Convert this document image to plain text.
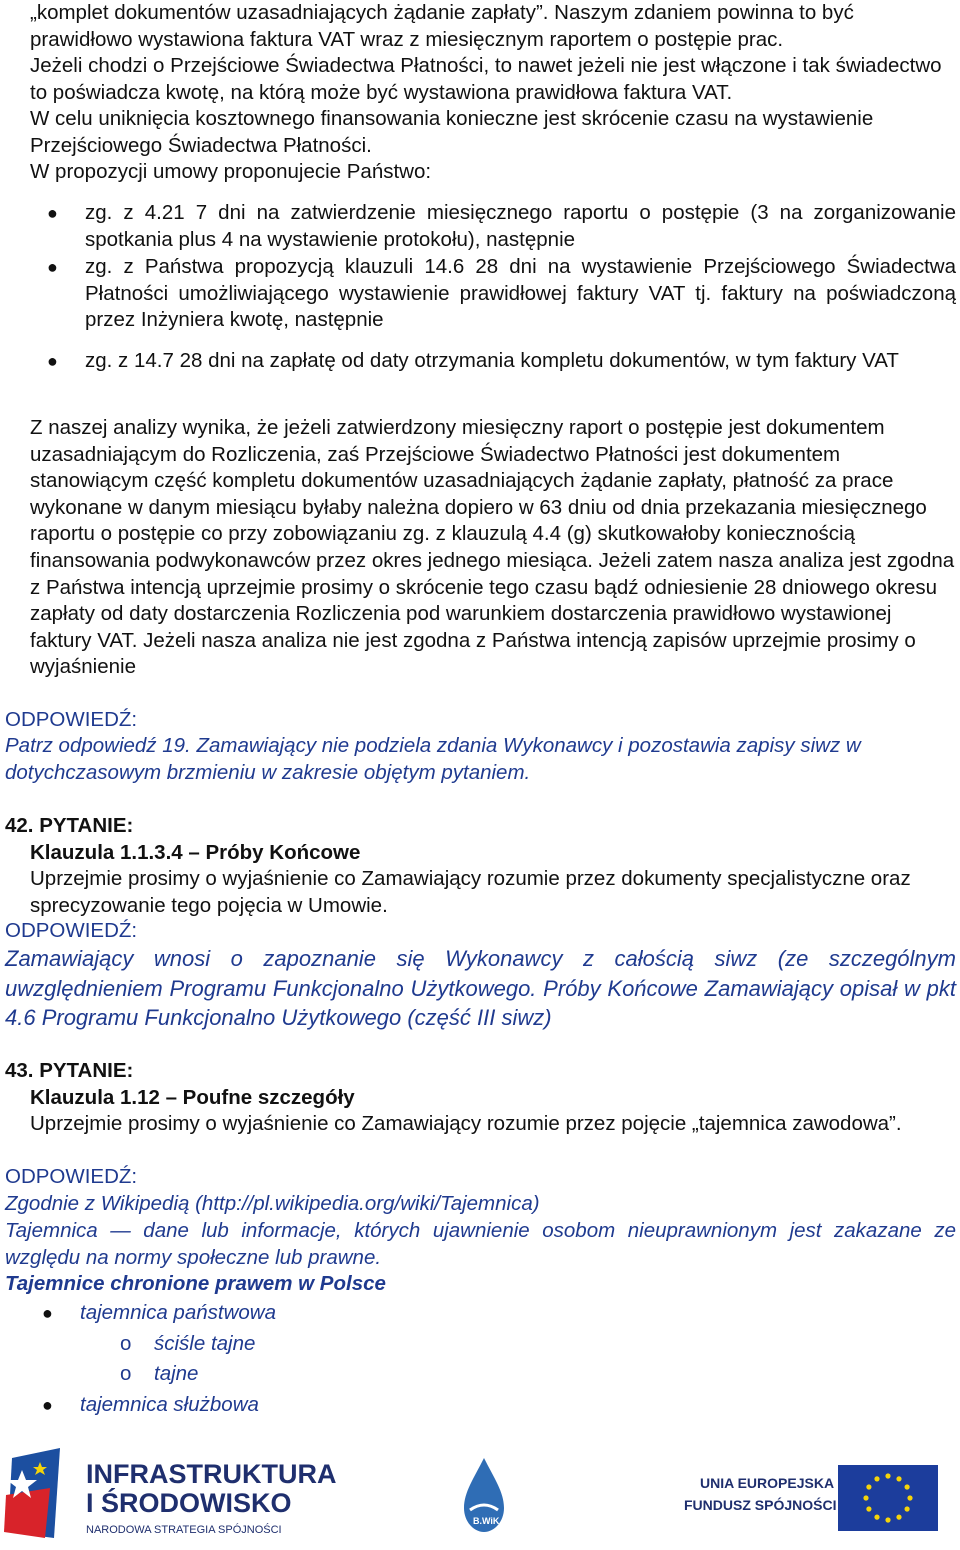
„komplet dokumentów uzasadniających żądanie zapłaty”. Naszym zdaniem powinna to być prawidłowo wystawiona faktura VAT wraz z miesięcznym raportem o postępie prac.

Jeżeli chodzi o Przejściowe Świadectwa Płatności, to nawet jeżeli nie jest włączone i tak świadectwo to poświadcza kwotę, na którą może być wystawiona prawidłowa faktura VAT.

W celu uniknięcia kosztownego finansowania konieczne jest skrócenie czasu na wystawienie Przejściowego Świadectwa Płatności.

W propozycji umowy proponujecie Państwo:

● zg. z 4.21 7 dni na zatwierdzenie miesięcznego raportu o postępie (3 na zorganizowanie spotkania plus 4 na wystawienie protokołu), następnie
● zg. z Państwa propozycją klauzuli 14.6 28 dni na wystawienie Przejściowego Świadectwa Płatności umożliwiającego wystawienie prawidłowej faktury VAT tj. faktury na poświadczoną przez Inżyniera kwotę, następnie
● zg. z 14.7 28 dni na zapłatę od daty otrzymania kompletu dokumentów, w tym faktury VAT

Z naszej analizy wynika, że jeżeli zatwierdzony miesięczny raport o postępie jest dokumentem uzasadniającym do Rozliczenia, zaś Przejściowe Świadectwo Płatności jest dokumentem stanowiącym część kompletu dokumentów uzasadniających żądanie zapłaty, płatność za prace wykonane w danym miesiącu byłaby należna dopiero w 63 dniu od dnia przekazania miesięcznego raportu o postępie co przy zobowiązaniu zg. z klauzulą 4.4 (g) skutkowałoby koniecznością finansowania podwykonawców przez okres jednego miesiąca. Jeżeli zatem nasza analiza jest zgodna z Państwa intencją uprzejmie prosimy o skrócenie tego czasu bądź odniesienie 28 dniowego okresu zapłaty od daty dostarczenia Rozliczenia pod warunkiem dostarczenia prawidłowo wystawionej faktury VAT. Jeżeli nasza analiza nie jest zgodna z Państwa intencją zapisów uprzejmie prosimy o wyjaśnienie

ODPOWIEDŹ:

Patrz odpowiedź 19. Zamawiający nie podziela zdania Wykonawcy i pozostawia zapisy siwz w dotychczasowym brzmieniu w zakresie objętym pytaniem.

42. PYTANIE:

Klauzula 1.1.3.4 – Próby Końcowe

Uprzejmie prosimy o wyjaśnienie co Zamawiający rozumie przez dokumenty specjalistyczne oraz sprecyzowanie tego pojęcia w Umowie.

ODPOWIEDŹ:

Zamawiający wnosi o zapoznanie się Wykonawcy z całością siwz (ze szczególnym uwzględnieniem Programu Funkcjonalno Użytkowego. Próby Końcowe Zamawiający opisał w pkt 4.6 Programu Funkcjonalno Użytkowego (część III siwz)

43. PYTANIE:

Klauzula 1.12 – Poufne szczegóły

Uprzejmie prosimy o wyjaśnienie co Zamawiający rozumie przez pojęcie „tajemnica zawodowa”.

ODPOWIEDŹ:

Zgodnie z Wikipedią (http://pl.wikipedia.org/wiki/Tajemnica)

Tajemnica — dane lub informacje, których ujawnienie osobom nieuprawnionym jest zakazane ze względu na normy społeczne lub prawne.

Tajemnice chronione prawem w Polsce

● tajemnica państwowa
o ściśle tajne
o tajne
● tajemnica służbowa
INFRASTRUKTURA
I ŚRODOWISKO
NARODOWA STRATEGIA SPÓJNOŚCI
B.WiK
UNIA EUROPEJSKA
FUNDUSZ SPÓJNOŚCI
